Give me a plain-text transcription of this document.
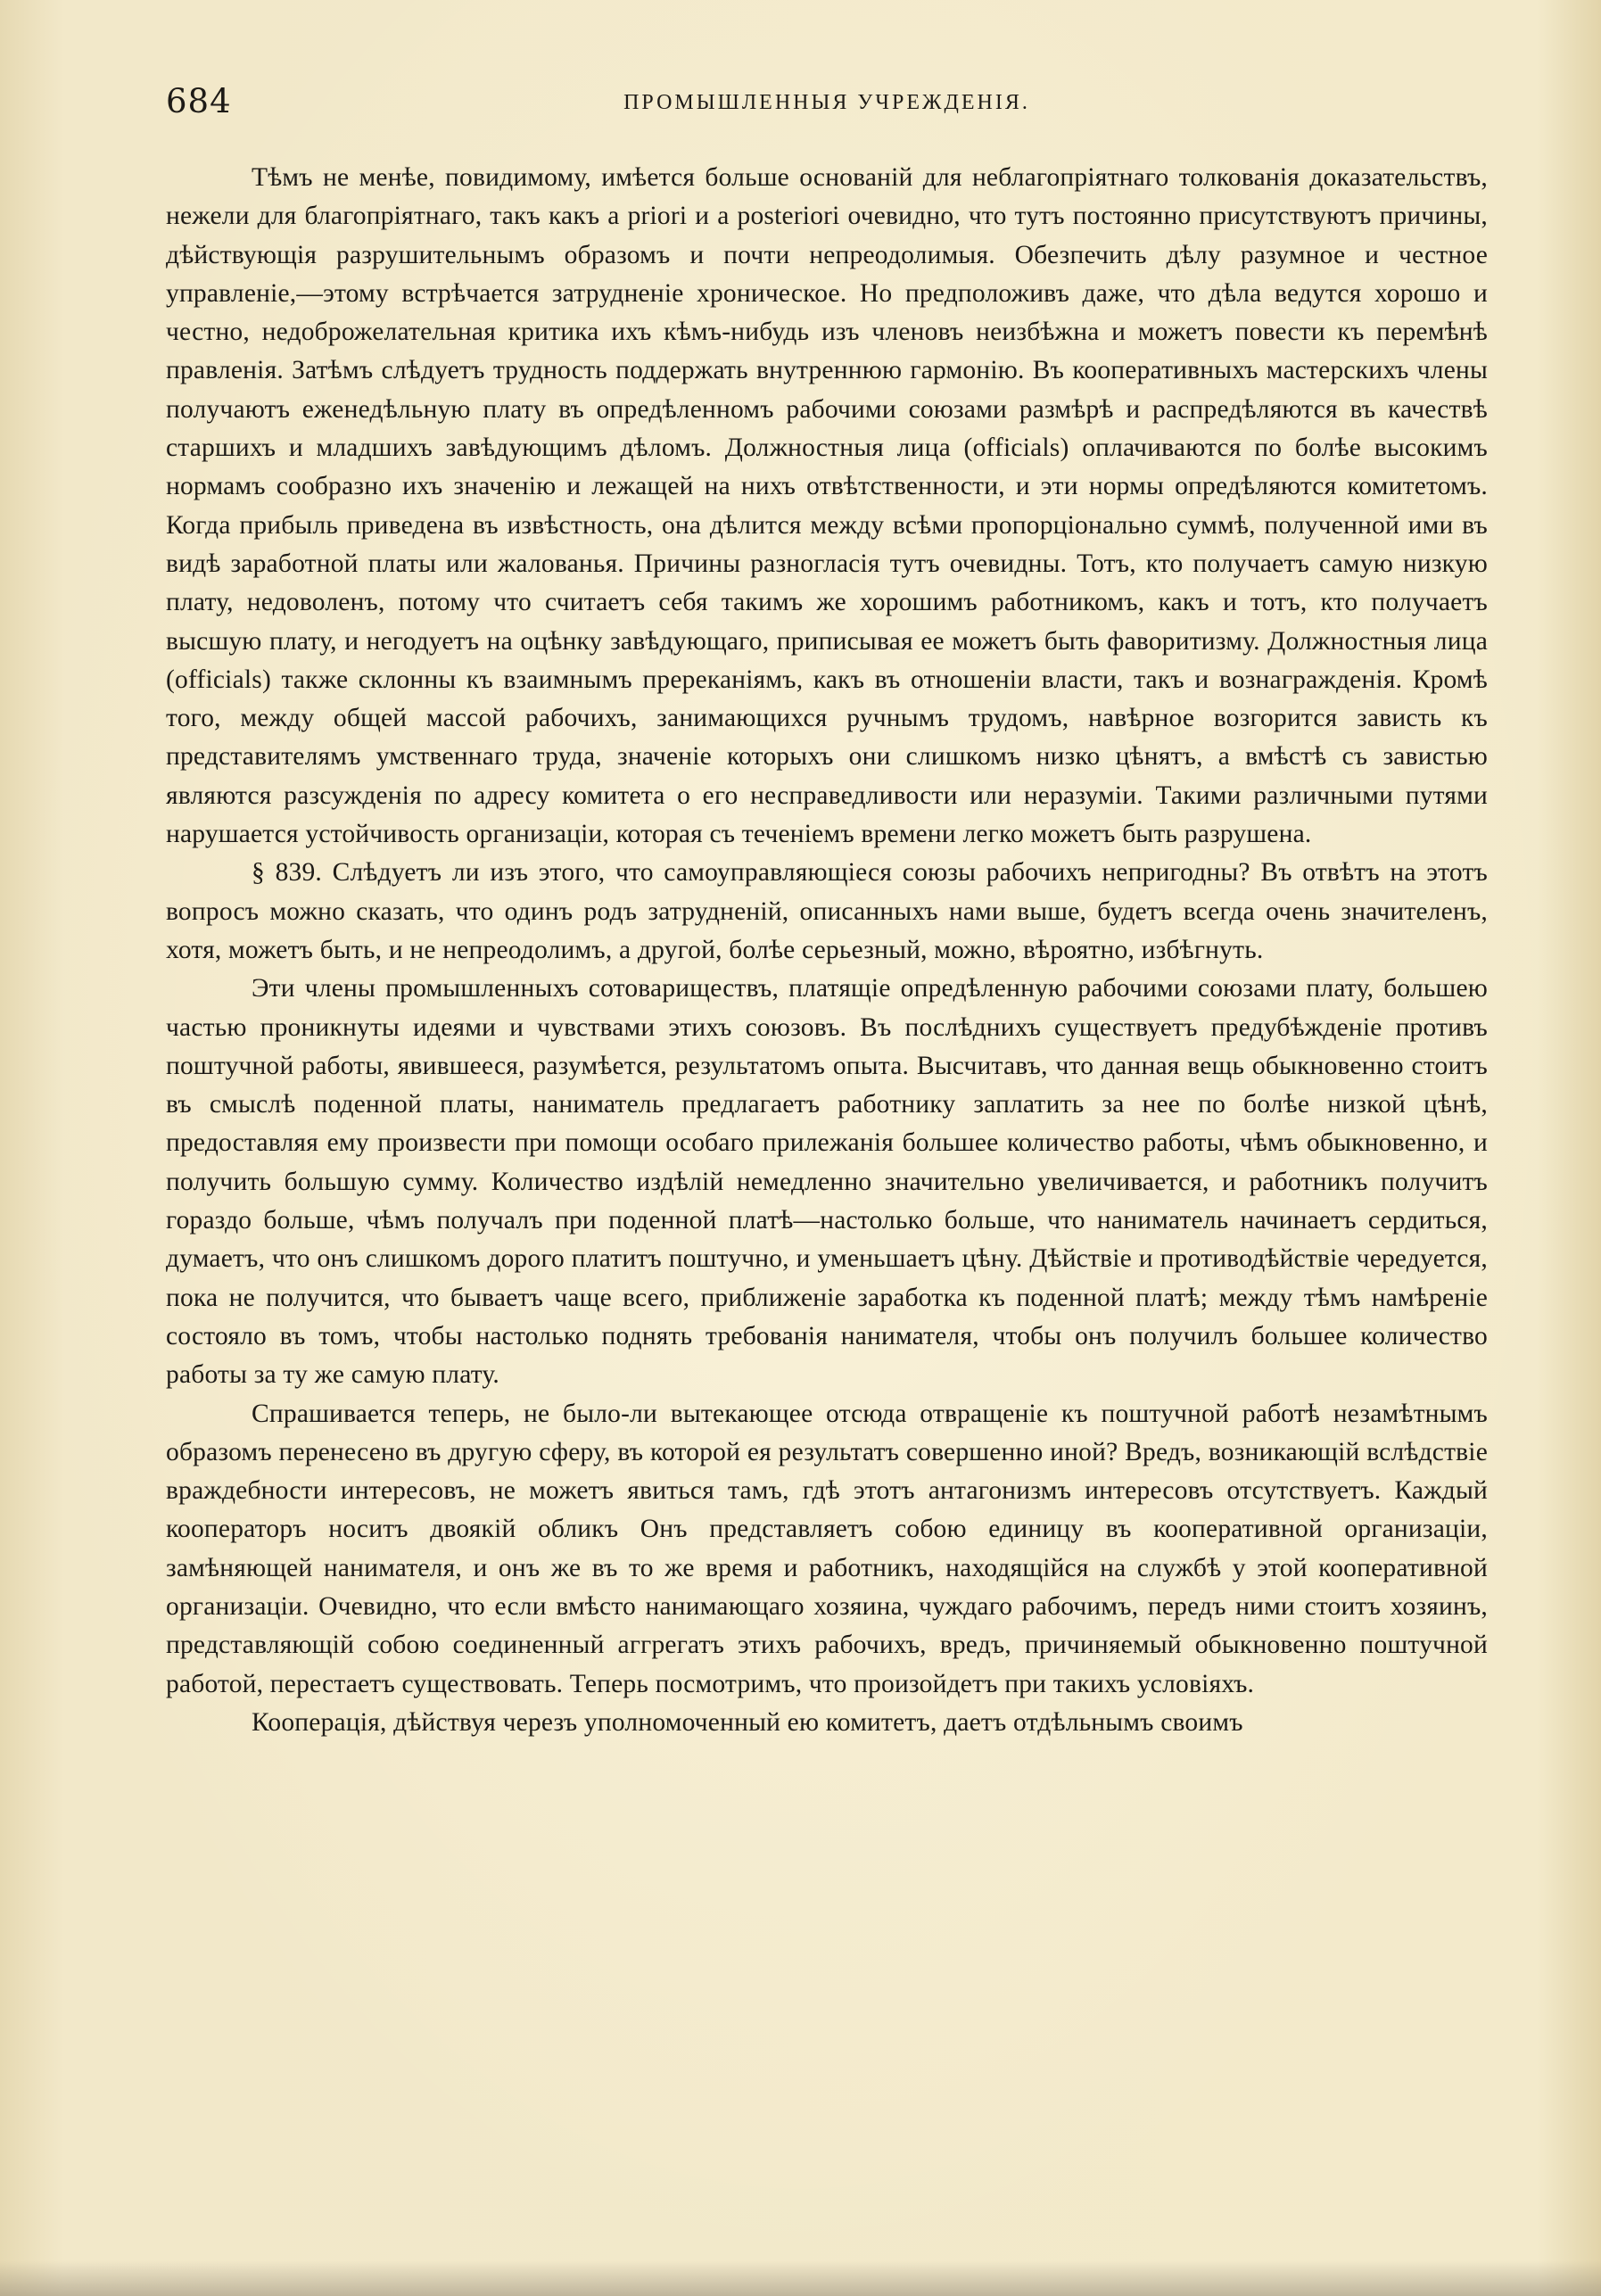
684	ПРОМЫШЛЕННЫЯ УЧРЕЖДЕНІЯ.

Тѣмъ не менѣе, повидимому, имѣется больше основаній для неблагопріятнаго толкованія доказательствъ, нежели для благопріятнаго, такъ какъ a priori и a posteriori очевидно, что тутъ постоянно присутствуютъ причины, дѣйствующія разрушительнымъ образомъ и почти непреодолимыя. Обезпечить дѣлу разумное и честное управленіе,—этому встрѣчается затрудненіе хроническое. Но предположивъ даже, что дѣла ведутся хорошо и честно, недоброжелательная критика ихъ кѣмъ-нибудь изъ членовъ неизбѣжна и можетъ повести къ перемѣнѣ правленія. Затѣмъ слѣдуетъ трудность поддержать внутреннюю гармонію. Въ кооперативныхъ мастерскихъ члены получаютъ еженедѣльную плату въ опредѣленномъ рабочими союзами размѣрѣ и распредѣляются въ качествѣ старшихъ и младшихъ завѣдующимъ дѣломъ. Должностныя лица (officials) оплачиваются по болѣе высокимъ нормамъ сообразно ихъ значенію и лежащей на нихъ отвѣтственности, и эти нормы опредѣляются комитетомъ. Когда прибыль приведена въ извѣстность, она дѣлится между всѣми пропорціонально суммѣ, полученной ими въ видѣ заработной платы или жалованья. Причины разногласія тутъ очевидны. Тотъ, кто получаетъ самую низкую плату, недоволенъ, потому что считаетъ себя такимъ же хорошимъ работникомъ, какъ и тотъ, кто получаетъ высшую плату, и негодуетъ на оцѣнку завѣдующаго, приписывая ее можетъ быть фаворитизму. Должностныя лица (officials) также склонны къ взаимнымъ пререканіямъ, какъ въ отношеніи власти, такъ и вознагражденія. Кромѣ того, между общей массой рабочихъ, занимающихся ручнымъ трудомъ, навѣрное возгорится зависть къ представителямъ умственнаго труда, значеніе которыхъ они слишкомъ низко цѣнятъ, а вмѣстѣ съ завистью являются разсужденія по адресу комитета о его несправедливости или неразуміи. Такими различными путями нарушается устойчивость организаціи, которая съ теченіемъ времени легко можетъ быть разрушена.

§ 839. Слѣдуетъ ли изъ этого, что самоуправляющіеся союзы рабочихъ непригодны? Въ отвѣтъ на этотъ вопросъ можно сказать, что одинъ родъ затрудненій, описанныхъ нами выше, будетъ всегда очень значителенъ, хотя, можетъ быть, и не непреодолимъ, а другой, болѣе серьезный, можно, вѣроятно, избѣгнуть.

Эти члены промышленныхъ сотовариществъ, платящіе опредѣленную рабочими союзами плату, большею частью проникнуты идеями и чувствами этихъ союзовъ. Въ послѣднихъ существуетъ предубѣжденіе противъ поштучной работы, явившееся, разумѣется, результатомъ опыта. Высчитавъ, что данная вещь обыкновенно стоитъ въ смыслѣ поденной платы, наниматель предлагаетъ работнику заплатить за нее по болѣе низкой цѣнѣ, предоставляя ему произвести при помощи особаго прилежанія большее количество работы, чѣмъ обыкновенно, и получить большую сумму. Количество издѣлій немедленно значительно увеличивается, и работникъ получитъ гораздо больше, чѣмъ получалъ при поденной платѣ—настолько больше, что наниматель начинаетъ сердиться, думаетъ, что онъ слишкомъ дорого платитъ поштучно, и уменьшаетъ цѣну. Дѣйствіе и противодѣйствіе чередуется, пока не получится, что бываетъ чаще всего, приближеніе заработка къ поденной платѣ; между тѣмъ намѣреніе состояло въ томъ, чтобы настолько поднять требованія нанимателя, чтобы онъ получилъ большее количество работы за ту же самую плату.

Спрашивается теперь, не было-ли вытекающее отсюда отвращеніе къ поштучной работѣ незамѣтнымъ образомъ перенесено въ другую сферу, въ которой ея результатъ совершенно иной? Вредъ, возникающій вслѣдствіе враждебности интересовъ, не можетъ явиться тамъ, гдѣ этотъ антагонизмъ интересовъ отсутствуетъ. Каждый кооператоръ носитъ двоякій обликъ Онъ представляетъ собою единицу въ кооперативной организаціи, замѣняющей нанимателя, и онъ же въ то же время и работникъ, находящійся на службѣ у этой кооперативной организаціи. Очевидно, что если вмѣсто нанимающаго хозяина, чуждаго рабочимъ, передъ ними стоитъ хозяинъ, представляющій собою соединенный аггрегатъ этихъ рабочихъ, вредъ, причиняемый обыкновенно поштучной работой, перестаетъ существовать. Теперь посмотримъ, что произойдетъ при такихъ условіяхъ.

Кооперація, дѣйствуя черезъ уполномоченный ею комитетъ, даетъ отдѣльнымъ своимъ
